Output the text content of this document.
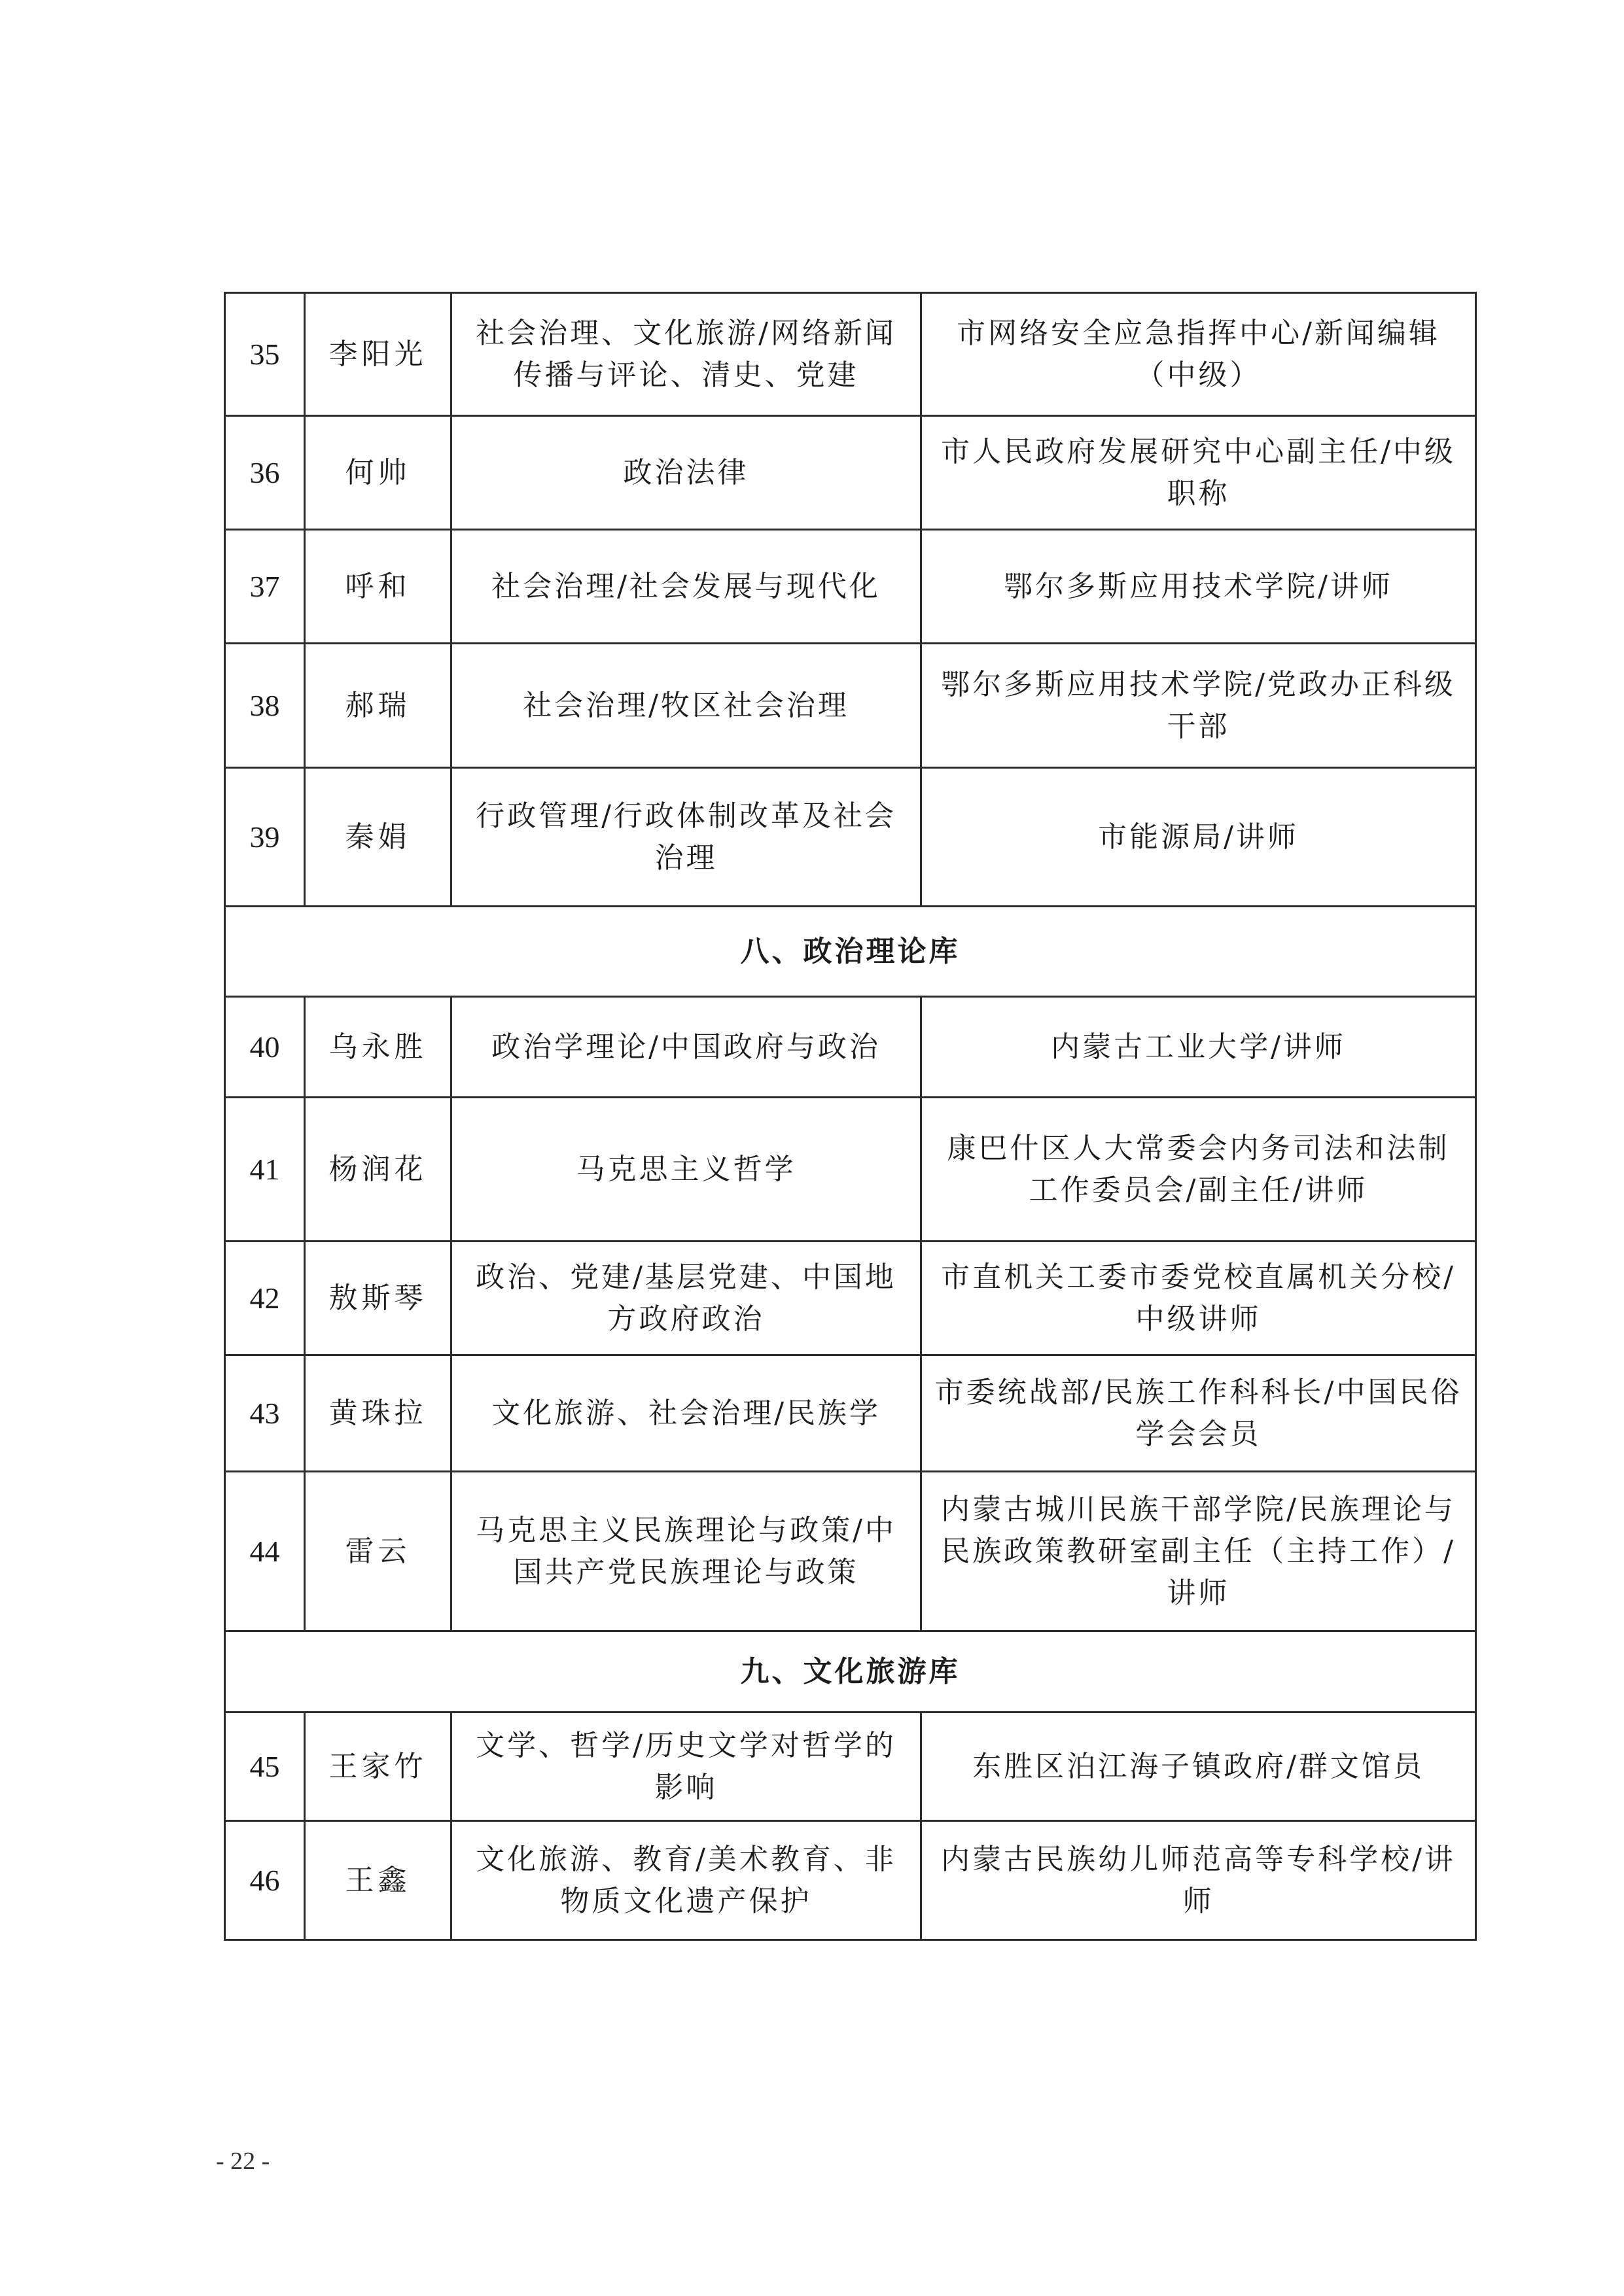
35	李阳光	社会治理、文化旅游/网络新闻传播与评论、清史、党建	市网络安全应急指挥中心/新闻编辑（中级）
36	何帅	政治法律	市人民政府发展研究中心副主任/中级职称
37	呼和	社会治理/社会发展与现代化	鄂尔多斯应用技术学院/讲师
38	郝瑞	社会治理/牧区社会治理	鄂尔多斯应用技术学院/党政办正科级干部
39	秦娟	行政管理/行政体制改革及社会治理	市能源局/讲师
八、政治理论库			
40	乌永胜	政治学理论/中国政府与政治	内蒙古工业大学/讲师
41	杨润花	马克思主义哲学	康巴什区人大常委会内务司法和法制工作委员会/副主任/讲师
42	敖斯琴	政治、党建/基层党建、中国地方政府政治	市直机关工委市委党校直属机关分校/中级讲师
43	黄珠拉	文化旅游、社会治理/民族学	市委统战部/民族工作科科长/中国民俗学会会员
44	雷云	马克思主义民族理论与政策/中国共产党民族理论与政策	内蒙古城川民族干部学院/民族理论与民族政策教研室副主任（主持工作）/讲师
九、文化旅游库			
45	王家竹	文学、哲学/历史文学对哲学的影响	东胜区泊江海子镇政府/群文馆员
46	王鑫	文化旅游、教育/美术教育、非物质文化遗产保护	内蒙古民族幼儿师范高等专科学校/讲师
- 22 -
